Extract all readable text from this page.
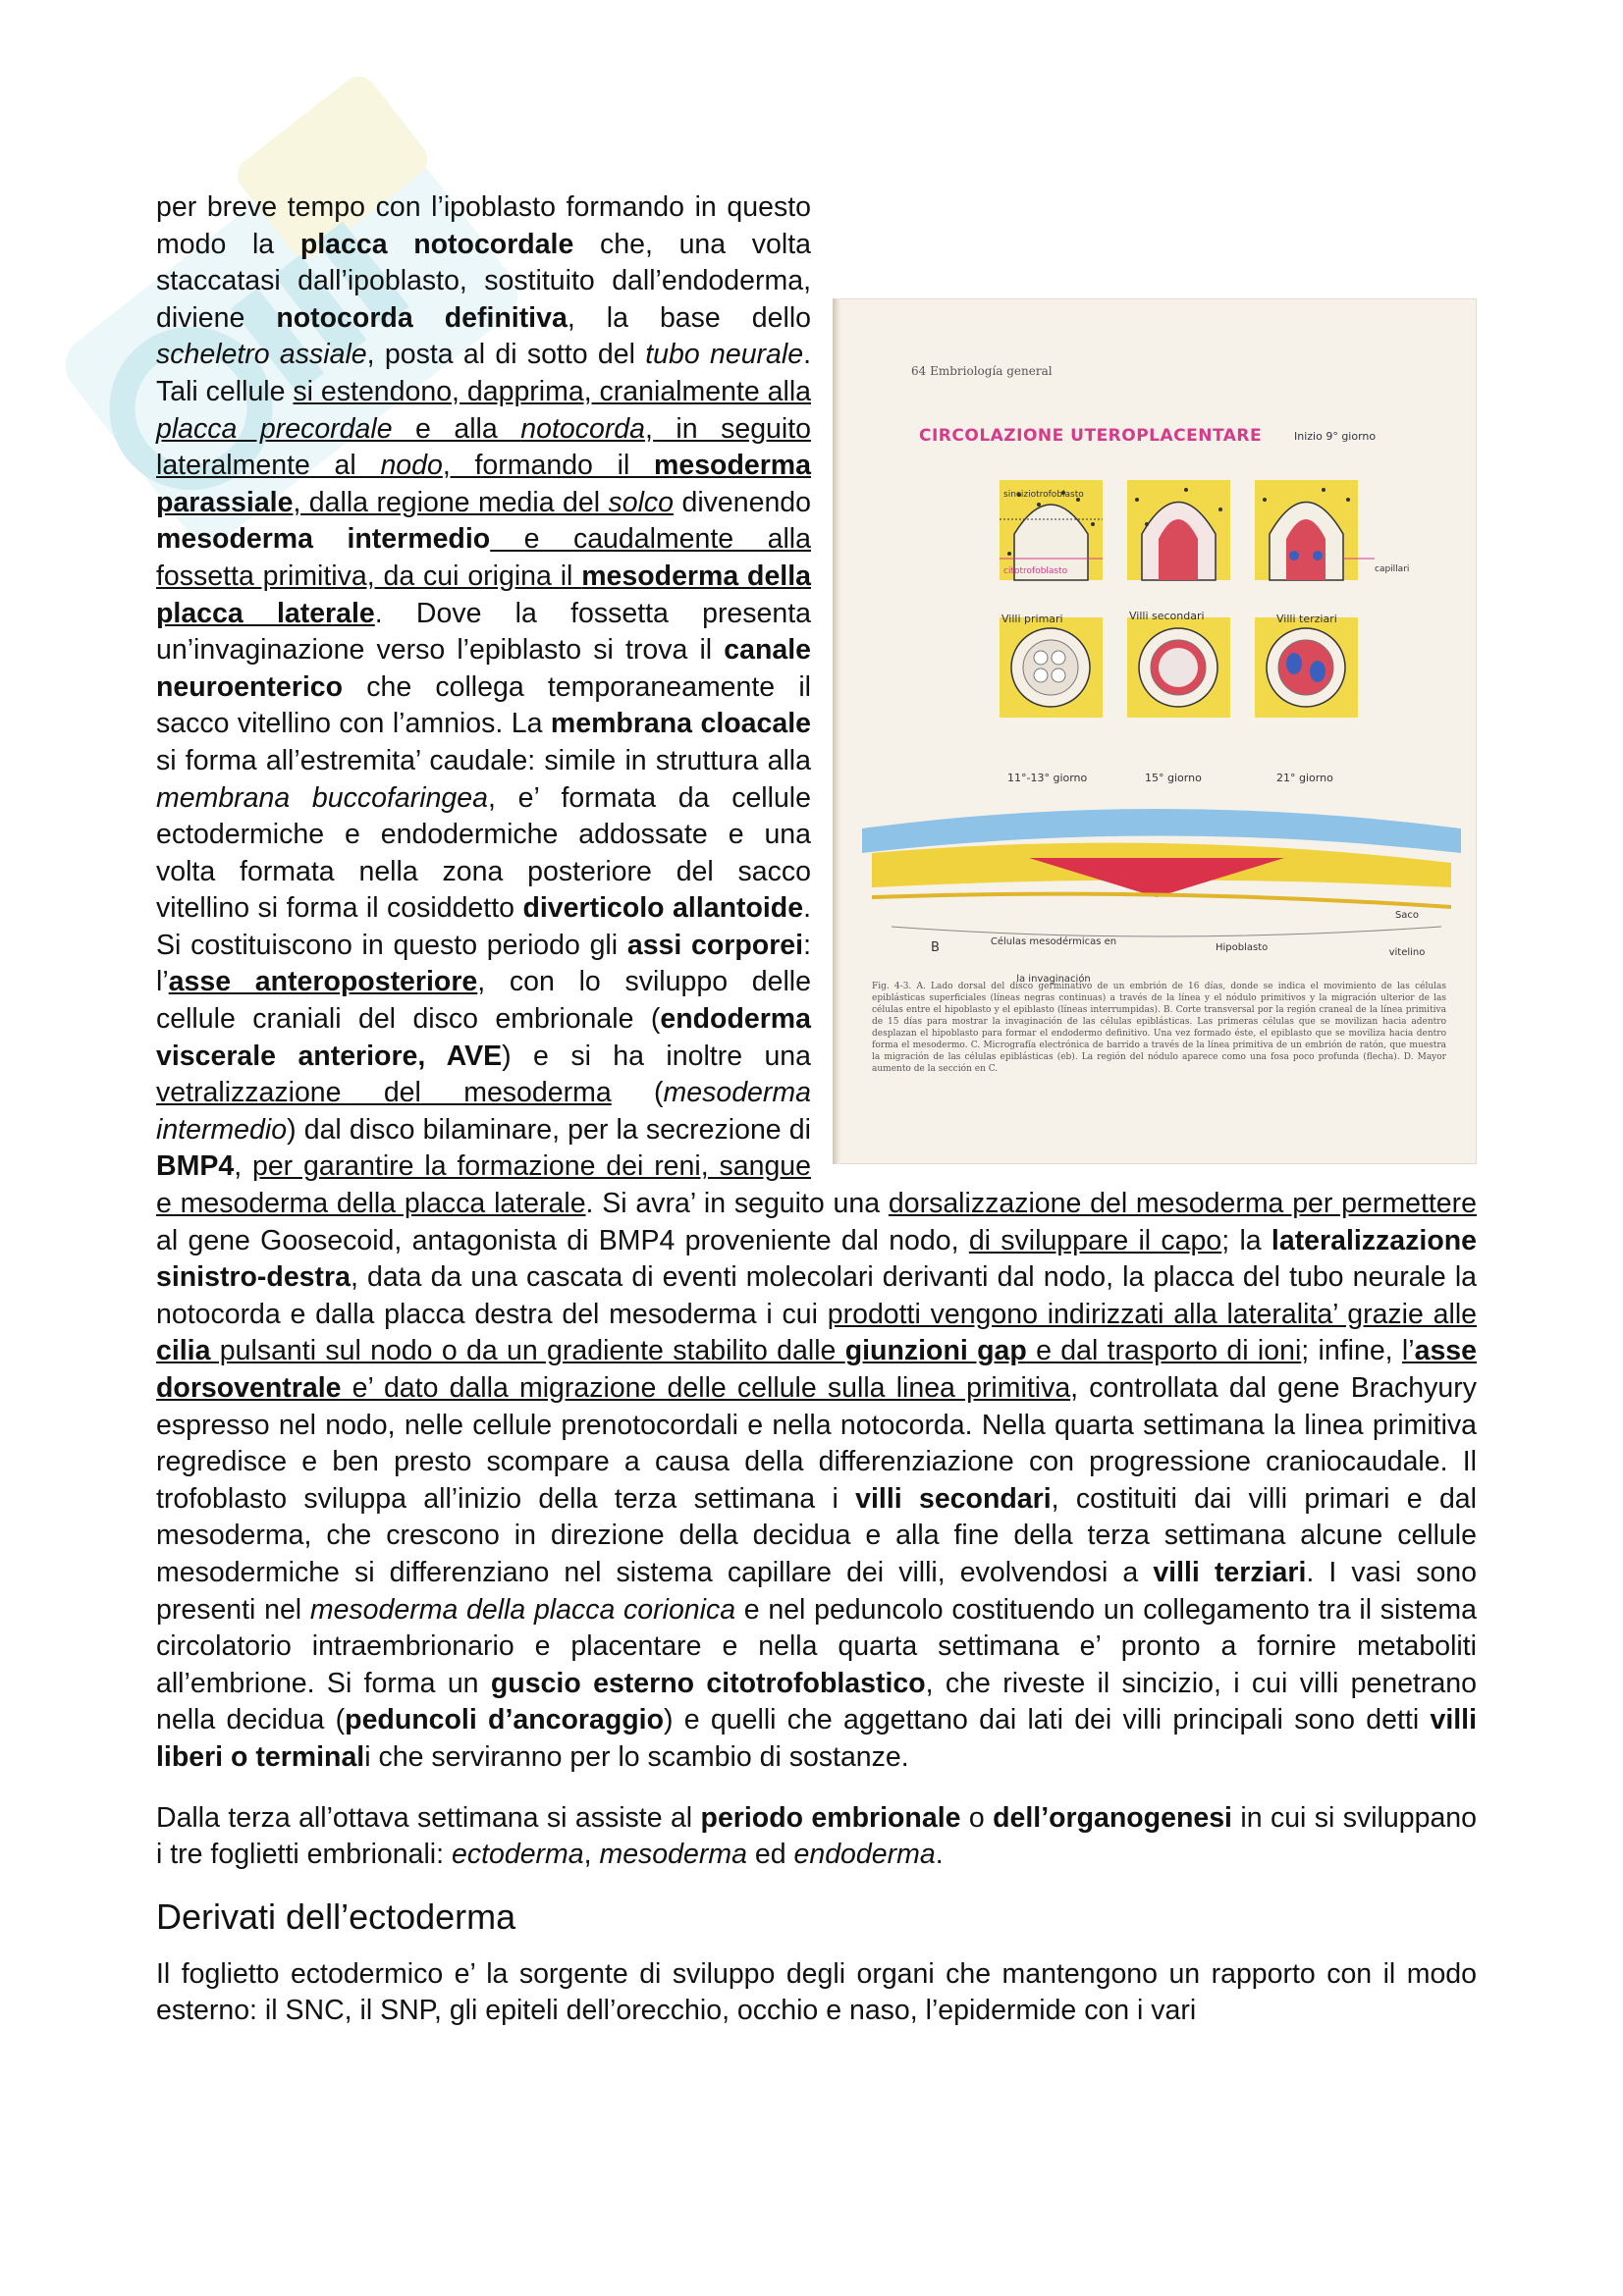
64 Embriología general
CIRCOLAZIONE UTEROPLACENTARE	Inizio 9° giorno
sinciziotrofoblasto
citotrofoblasto	capillari
Villi primari	Villi secondari	Villi terziari
11°-13° giorno	15° giorno	21° giorno
B	Células mesodérmicas en la invaginación
Hipoblasto
Saco vitelino
Fig. 4-3. A. Lado dorsal del disco germinativo de un embrión de 16 días, donde se indica el movimiento de las células epiblásticas superficiales (líneas negras continuas) a través de la línea y el nódulo primitivos y la migración ulterior de las células entre el hipoblasto y el epiblasto (líneas interrumpidas). B. Corte transversal por la región craneal de la línea primitiva de 15 días para mostrar la invaginación de las células epiblásticas. Las primeras células que se movilizan hacia adentro desplazan el hipoblasto para formar el endodermo definitivo. Una vez formado éste, el epiblasto que se moviliza hacia dentro forma el mesodermo. C. Micrografía electrónica de barrido a través de la línea primitiva de un embrión de ratón, que muestra la migración de las células epiblásticas (eb). La región del nódulo aparece como una fosa poco profunda (flecha). D. Mayor aumento de la sección en C.

per breve tempo con l’ipoblasto formando in questo modo la placca notocordale che, una volta staccatasi dall’ipoblasto, sostituito dall’endoderma, diviene notocorda definitiva, la base dello scheletro assiale, posta al di sotto del tubo neurale. Tali cellule si estendono, dapprima, cranialmente alla placca precordale e alla notocorda, in seguito lateralmente al nodo, formando il mesoderma parassiale, dalla regione media del solco divenendo mesoderma intermedio e caudalmente alla fossetta primitiva, da cui origina il mesoderma della placca laterale. Dove la fossetta presenta un’invaginazione verso l’epiblasto si trova il canale neuroenterico che collega temporaneamente il sacco vitellino con l’amnios. La membrana cloacale si forma all’estremita’ caudale: simile in struttura alla membrana buccofaringea, e’ formata da cellule ectodermiche e endodermiche addossate e una volta formata nella zona posteriore del sacco vitellino si forma il cosiddetto diverticolo allantoide. Si costituiscono in questo periodo gli assi corporei: l’asse anteroposteriore, con lo sviluppo delle cellule craniali del disco embrionale (endoderma viscerale anteriore, AVE) e si ha inoltre una vetralizzazione del mesoderma (mesoderma intermedio) dal disco bilaminare, per la secrezione di BMP4, per garantire la formazione dei reni, sangue e mesoderma della placca laterale. Si avra’ in seguito una dorsalizzazione del mesoderma per permettere al gene Goosecoid, antagonista di BMP4 proveniente dal nodo, di sviluppare il capo; la lateralizzazione sinistro-destra, data da una cascata di eventi molecolari derivanti dal nodo, la placca del tubo neurale la notocorda e dalla placca destra del mesoderma i cui prodotti vengono indirizzati alla lateralita’ grazie alle cilia pulsanti sul nodo o da un gradiente stabilito dalle giunzioni gap e dal trasporto di ioni; infine, l’asse dorsoventrale e’ dato dalla migrazione delle cellule sulla linea primitiva, controllata dal gene Brachyury espresso nel nodo, nelle cellule prenotocordali e nella notocorda. Nella quarta settimana la linea primitiva regredisce e ben presto scompare a causa della differenziazione con progressione craniocaudale. Il trofoblasto sviluppa all’inizio della terza settimana i villi secondari, costituiti dai villi primari e dal mesoderma, che crescono in direzione della decidua e alla fine della terza settimana alcune cellule mesodermiche si differenziano nel sistema capillare dei villi, evolvendosi a villi terziari. I vasi sono presenti nel mesoderma della placca corionica e nel peduncolo costituendo un collegamento tra il sistema circolatorio intraembrionario e placentare e nella quarta settimana e’ pronto a fornire metaboliti all’embrione. Si forma un guscio esterno citotrofoblastico, che riveste il sincizio, i cui villi penetrano nella decidua (peduncoli d’ancoraggio) e quelli che aggettano dai lati dei villi principali sono detti villi liberi o terminali che serviranno per lo scambio di sostanze.

Dalla terza all’ottava settimana si assiste al periodo embrionale o dell’organogenesi in cui si sviluppano i tre foglietti embrionali: ectoderma, mesoderma ed endoderma.

Derivati dell’ectoderma

Il foglietto ectodermico e’ la sorgente di sviluppo degli organi che mantengono un rapporto con il modo esterno: il SNC, il SNP, gli epiteli dell’orecchio, occhio e naso, l’epidermide con i vari
